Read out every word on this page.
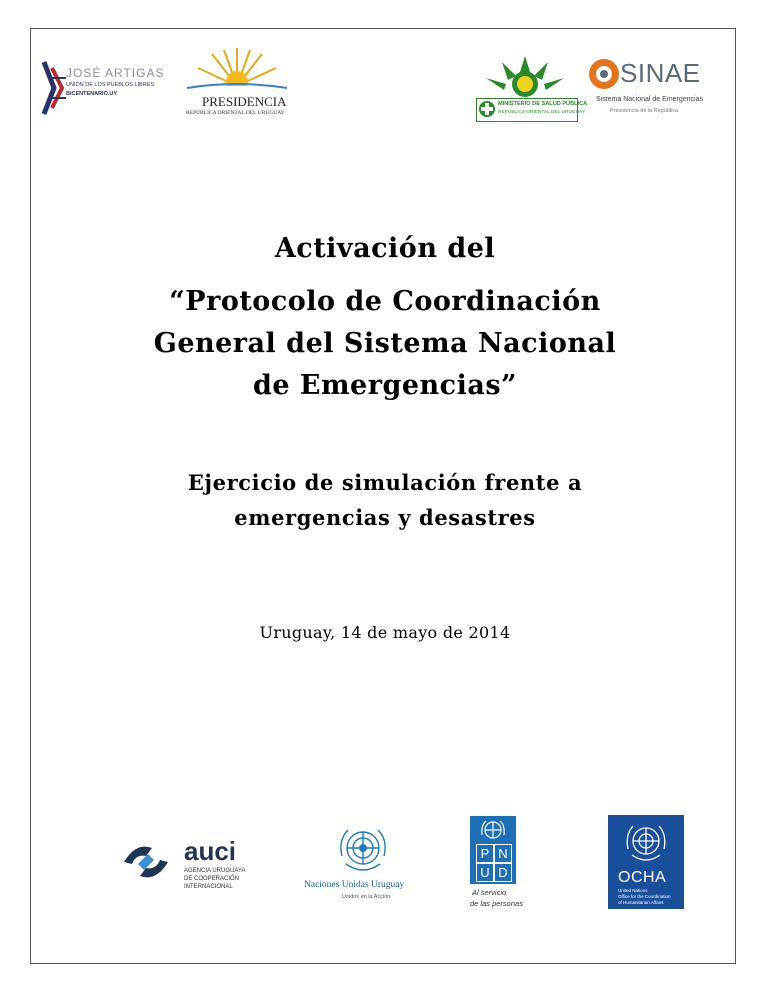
JOSÉ ARTIGAS
UNIÓN DE LOS PUEBLOS LIBRES
BICENTENARIO.UY	PRESIDENCIA
REPÚBLICA ORIENTAL DEL URUGUAY
MINISTERIO DE SALUD PÚBLICA
REPÚBLICA ORIENTAL DEL URUGUAY
SINAE
Sistema Nacional de Emergencias
Presidencia de la República
Activación del
“Protocolo de Coordinación
General del Sistema Nacional
de Emergencias”
Ejercicio de simulación frente a
emergencias y desastres
Uruguay, 14 de mayo de 2014
auci
AGENCIA URUGUAYA
DE COOPERACIÓN
INTERNACIONAL	Naciones Unidas Uruguay
Unidos en la Acción
P N
U D
Al servicio
de las personas
OCHA
United Nations
Office for the Coordination
of Humanitarian Affairs
